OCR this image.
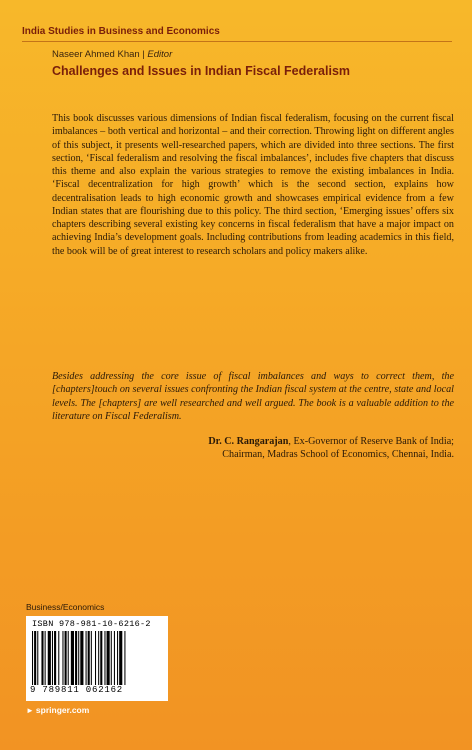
India Studies in Business and Economics
Naseer Ahmed Khan | Editor
Challenges and Issues in Indian Fiscal Federalism

This book discusses various dimensions of Indian fiscal federalism, focusing on the current fiscal imbalances – both vertical and horizontal – and their correction. Throwing light on different angles of this subject, it presents well-researched papers, which are divided into three sections. The first section, ‘Fiscal federalism and resolving the fiscal imbalances’, includes five chapters that discuss this theme and also explain the various strategies to remove the existing imbalances in India. ‘Fiscal decentralization for high growth’ which is the second section, explains how decentralisation leads to high economic growth and showcases empirical evidence from a few Indian states that are flourishing due to this policy. The third section, ‘Emerging issues’ offers six chapters describing several existing key concerns in fiscal federalism that have a major impact on achieving India’s development goals. Including contributions from leading academics in this field, the book will be of great interest to research scholars and policy makers alike.

Besides addressing the core issue of fiscal imbalances and ways to correct them, the [chapters]touch on several issues confronting the Indian fiscal system at the centre, state and local levels. The [chapters] are well researched and well argued. The book is a valuable addition to the literature on Fiscal Federalism.

Dr. C. Rangarajan, Ex-Governor of Reserve Bank of India;
Chairman, Madras School of Economics, Chennai, India.

Business/Economics
ISBN 978-981-10-6216-2
9 789811 062162
► springer.com
